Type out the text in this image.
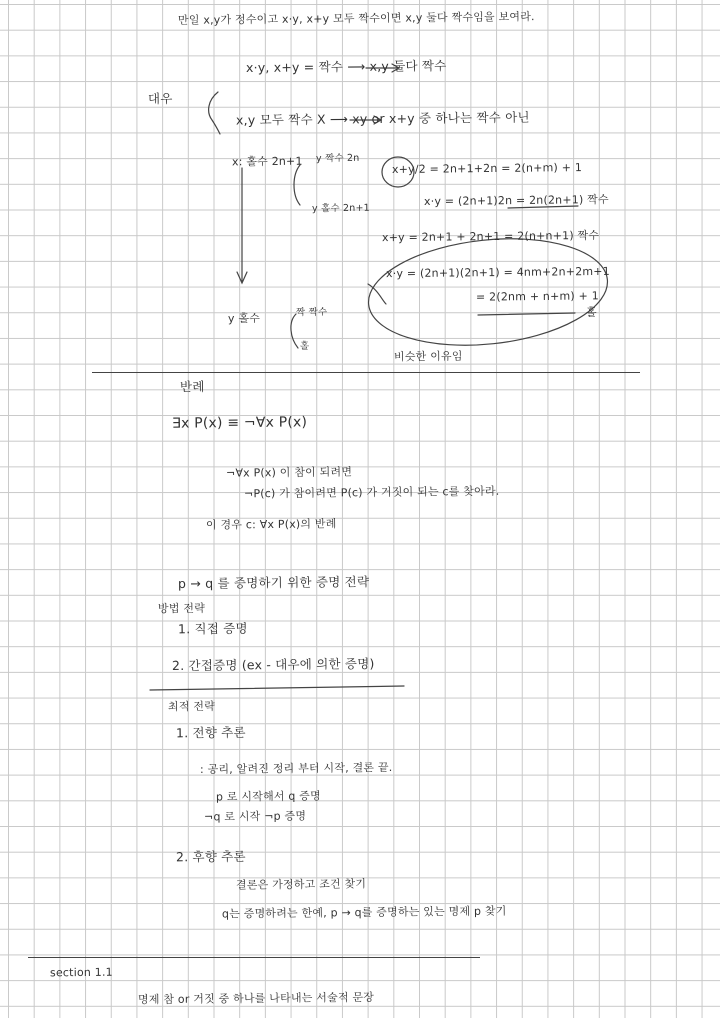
만일 x,y가 정수이고 x·y, x+y 모두 짝수이면 x,y 둘다 짝수임을 보여라.
x·y, x+y = 짝수 ⟶ x,y 둘다 짝수
대우
x,y 모두 짝수 X ⟶ xy or x+y 중 하나는 짝수 아닌
x: 홀수 2n+1 y 짝수 2n
y 홀수 2n+1
x+y/2 = 2n+1+2n = 2(n+m) + 1
x·y = (2n+1)2n = 2n(2n+1) 짝수
x+y = 2n+1 + 2n+1 = 2(n+n+1) 짝수
x·y = (2n+1)(2n+1) = 4nm+2n+2m+1
= 2(2nm + n+m) + 1
홀
y 홀수	짝 짝수
홀
비슷한 이유임
반례
∃x P(x) ≡ ¬∀x P(x)
¬∀x P(x) 이 참이 되려면
¬P(c) 가 참이려면 P(c) 가 거짓이 되는 c를 찾아라.
이 경우 c: ∀x P(x)의 반례
p → q 를 증명하기 위한 증명 전략
방법 전략
1. 직접 증명
2. 간접증명 (ex - 대우에 의한 증명)
최적 전략
1. 전향 추론
: 공리, 알려진 정리 부터 시작, 결론 끝.
p 로 시작해서 q 증명
¬q 로 시작 ¬p 증명
2. 후향 추론
결론은 가정하고 조건 찾기
q는 증명하려는 한예, p → q를 증명하는 있는 명제 p 찾기
section 1.1
명제 참 or 거짓 중 하나를 나타내는 서술적 문장
